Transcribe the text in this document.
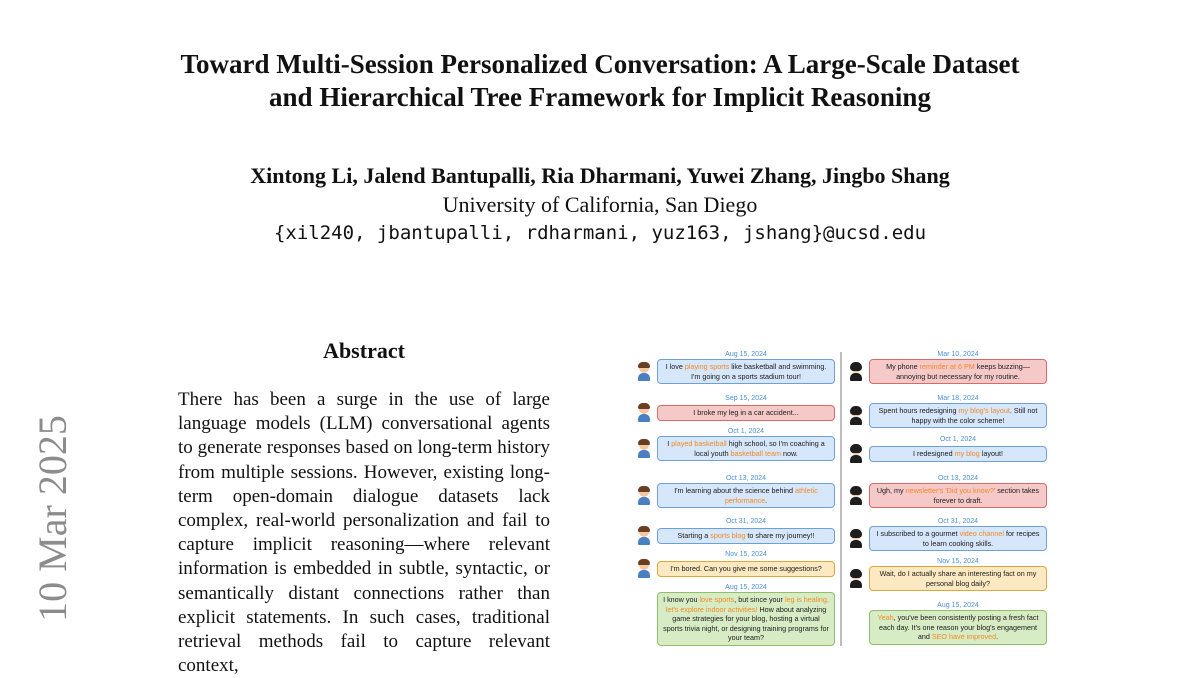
Toward Multi-Session Personalized Conversation: A Large-Scale Dataset
and Hierarchical Tree Framework for Implicit Reasoning

Xintong Li, Jalend Bantupalli, Ria Dharmani, Yuwei Zhang, Jingbo Shang

University of California, San Diego

{xil240, jbantupalli, rdharmani, yuz163, jshang}@ucsd.edu

10 Mar 2025
Abstract

There has been a surge in the use of large language models (LLM) conversational agents to generate responses based on long-term history from multiple sessions. However, existing long-term open-domain dialogue datasets lack complex, real-world personalization and fail to capture implicit reasoning—where relevant information is embedded in subtle, syntactic, or semantically distant connections rather than explicit statements. In such cases, traditional retrieval methods fail to capture relevant context,

Aug 15, 2024
I love playing sports like basketball and swimming. I'm going on a sports stadium tour!
Sep 15, 2024
I broke my leg in a car accident...
Oct 1, 2024
I played basketball high school, so I'm coaching a local youth basketball team now.
Oct 13, 2024
I'm learning about the science behind athletic performance.
Oct 31, 2024
Starting a sports blog to share my journey!!
Nov 15, 2024
I'm bored. Can you give me some suggestions?
Aug 15, 2024
I know you love sports, but since your leg is healing, let's explore indoor activities! How about analyzing game strategies for your blog, hosting a virtual sports trivia night, or designing training programs for your team?
Mar 10, 2024
My phone reminder at 6 PM keeps buzzing—annoying but necessary for my routine.
Mar 18, 2024
Spent hours redesigning my blog's layout. Still not happy with the color scheme!
Oct 1, 2024
I redesigned my blog layout!
Oct 13, 2024
Ugh, my newsletter's 'Did you know?' section takes forever to draft.
Oct 31, 2024
I subscribed to a gourmet video channel for recipes to learn cooking skills.
Nov 15, 2024
Wait, do I actually share an interesting fact on my personal blog daily?
Aug 15, 2024
Yeah, you've been consistently posting a fresh fact each day. It's one reason your blog's engagement and SEO have improved.
